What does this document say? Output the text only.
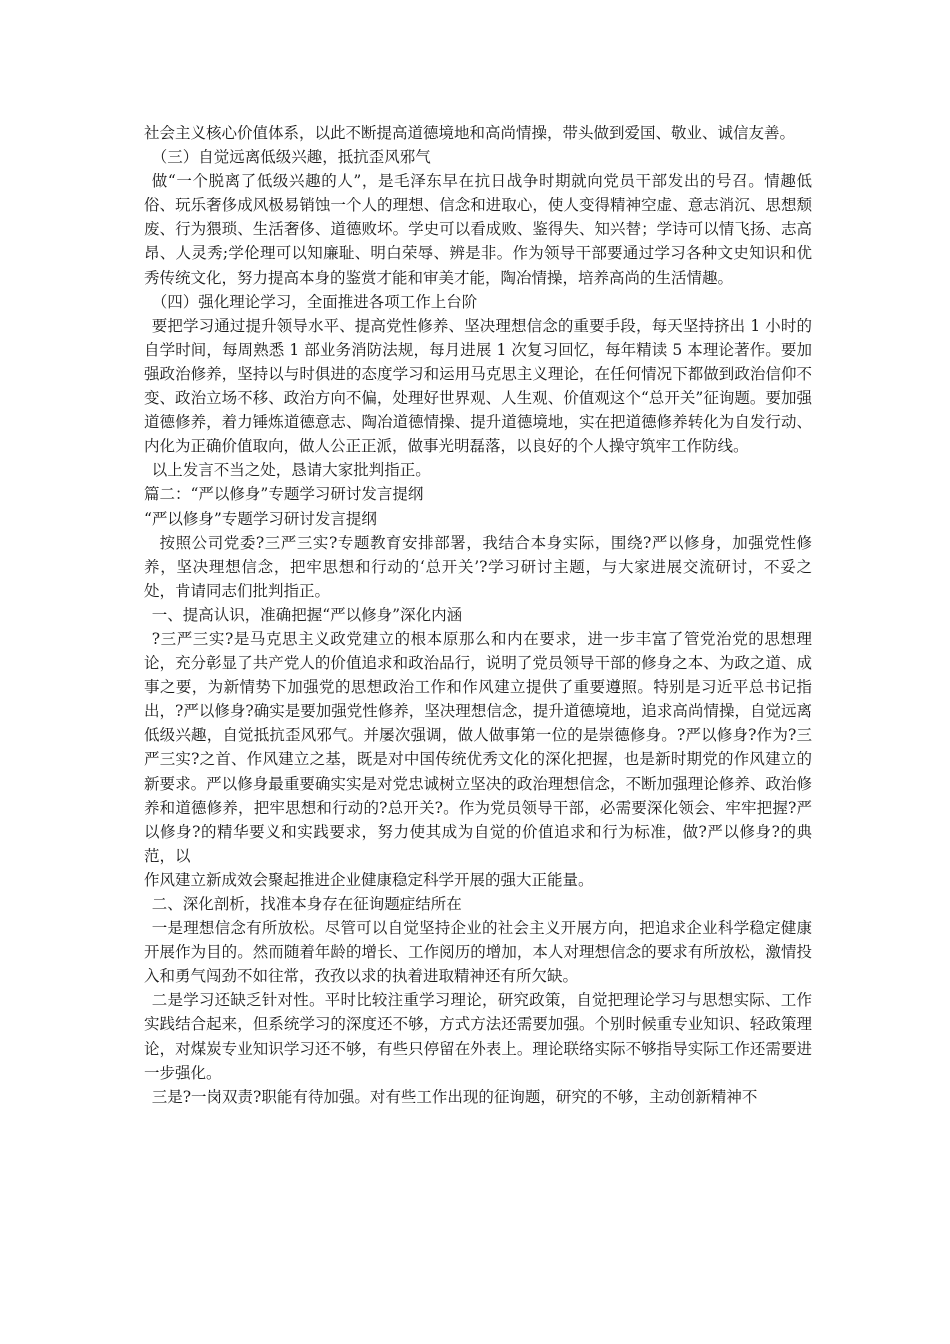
社会主义核心价值体系，以此不断提高道德境地和高尚情操，带头做到爱国、敬业、诚信友善。

（三）自觉远离低级兴趣，抵抗歪风邪气

做“一个脱离了低级兴趣的人”，是毛泽东早在抗日战争时期就向党员干部发出的号召。情趣低俗、玩乐奢侈成风极易销蚀一个人的理想、信念和进取心，使人变得精神空虚、意志消沉、思想颓废、行为猥琐、生活奢侈、道德败坏。学史可以看成败、鉴得失、知兴替；学诗可以情飞扬、志高昂、人灵秀;学伦理可以知廉耻、明白荣辱、辨是非。作为领导干部要通过学习各种文史知识和优秀传统文化，努力提高本身的鉴赏才能和审美才能，陶冶情操，培养高尚的生活情趣。

（四）强化理论学习，全面推进各项工作上台阶

要把学习通过提升领导水平、提高党性修养、坚决理想信念的重要手段，每天坚持挤出 1 小时的自学时间，每周熟悉 1 部业务消防法规，每月进展 1 次复习回忆，每年精读 5 本理论著作。要加强政治修养，坚持以与时俱进的态度学习和运用马克思主义理论，在任何情况下都做到政治信仰不变、政治立场不移、政治方向不偏，处理好世界观、人生观、价值观这个“总开关”征询题。要加强道德修养，着力锤炼道德意志、陶冶道德情操、提升道德境地，实在把道德修养转化为自发行动、内化为正确价值取向，做人公正正派，做事光明磊落，以良好的个人操守筑牢工作防线。

以上发言不当之处，恳请大家批判指正。

篇二：“严以修身”专题学习研讨发言提纲

“严以修身”专题学习研讨发言提纲

按照公司党委?三严三实?专题教育安排部署，我结合本身实际，围绕?严以修身，加强党性修养，坚决理想信念，把牢思想和行动的‘总开关’?学习研讨主题，与大家进展交流研讨，不妥之处，肯请同志们批判指正。

一、提高认识，准确把握“严以修身”深化内涵

?三严三实?是马克思主义政党建立的根本原那么和内在要求，进一步丰富了管党治党的思想理论，充分彰显了共产党人的价值追求和政治品行，说明了党员领导干部的修身之本、为政之道、成事之要，为新情势下加强党的思想政治工作和作风建立提供了重要遵照。特别是习近平总书记指出，?严以修身?确实是要加强党性修养，坚决理想信念，提升道德境地，追求高尚情操，自觉远离低级兴趣，自觉抵抗歪风邪气。并屡次强调，做人做事第一位的是崇德修身。?严以修身?作为?三严三实?之首、作风建立之基，既是对中国传统优秀文化的深化把握，也是新时期党的作风建立的新要求。严以修身最重要确实实是对党忠诚树立坚决的政治理想信念，不断加强理论修养、政治修养和道德修养，把牢思想和行动的?总开关?。作为党员领导干部，必需要深化领会、牢牢把握?严以修身?的精华要义和实践要求，努力使其成为自觉的价值追求和行为标准，做?严以修身?的典范，以

作风建立新成效会聚起推进企业健康稳定科学开展的强大正能量。

二、深化剖析，找准本身存在征询题症结所在

一是理想信念有所放松。尽管可以自觉坚持企业的社会主义开展方向，把追求企业科学稳定健康开展作为目的。然而随着年龄的增长、工作阅历的增加，本人对理想信念的要求有所放松，激情投入和勇气闯劲不如往常，孜孜以求的执着进取精神还有所欠缺。

二是学习还缺乏针对性。平时比较注重学习理论，研究政策，自觉把理论学习与思想实际、工作实践结合起来，但系统学习的深度还不够，方式方法还需要加强。个别时候重专业知识、轻政策理论，对煤炭专业知识学习还不够，有些只停留在外表上。理论联络实际不够指导实际工作还需要进一步强化。

三是?一岗双责?职能有待加强。对有些工作出现的征询题，研究的不够，主动创新精神不
